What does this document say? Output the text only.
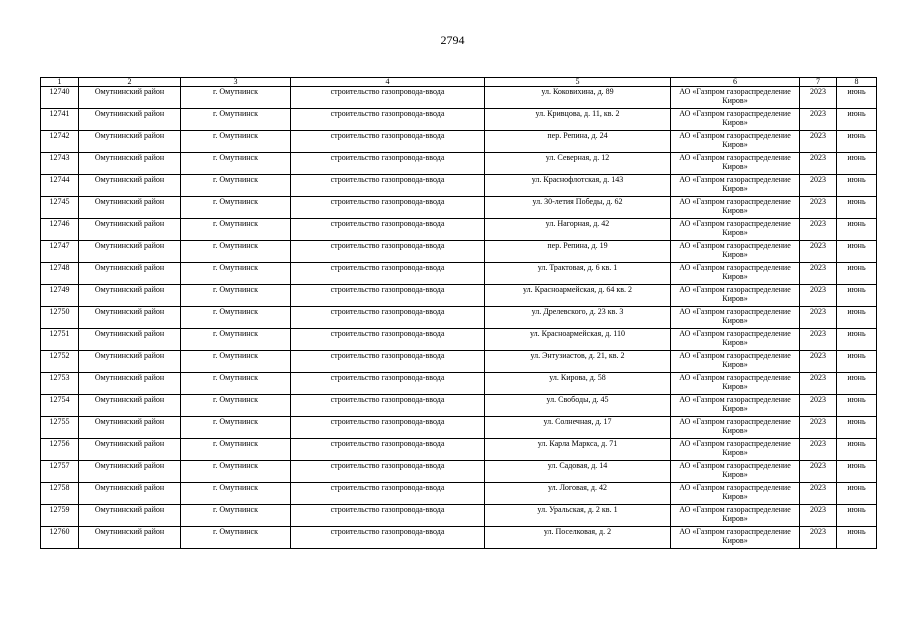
2794
1	2	3	4	5	6	7	8
12740	Омутнинский район	г. Омутнинск	строительство газопровода-ввода	ул. Коковихина, д. 89	АО «Газпром газораспределение Киров»	2023	июнь
12741	Омутнинский район	г. Омутнинск	строительство газопровода-ввода	ул. Кривцова, д. 11, кв. 2	АО «Газпром газораспределение Киров»	2023	июнь
12742	Омутнинский район	г. Омутнинск	строительство газопровода-ввода	пер. Репина, д. 24	АО «Газпром газораспределение Киров»	2023	июнь
12743	Омутнинский район	г. Омутнинск	строительство газопровода-ввода	ул. Северная, д. 12	АО «Газпром газораспределение Киров»	2023	июнь
12744	Омутнинский район	г. Омутнинск	строительство газопровода-ввода	ул. Краснофлотская, д. 143	АО «Газпром газораспределение Киров»	2023	июнь
12745	Омутнинский район	г. Омутнинск	строительство газопровода-ввода	ул. 30-летия Победы, д. 62	АО «Газпром газораспределение Киров»	2023	июнь
12746	Омутнинский район	г. Омутнинск	строительство газопровода-ввода	ул. Нагорная, д. 42	АО «Газпром газораспределение Киров»	2023	июнь
12747	Омутнинский район	г. Омутнинск	строительство газопровода-ввода	пер. Репина, д. 19	АО «Газпром газораспределение Киров»	2023	июнь
12748	Омутнинский район	г. Омутнинск	строительство газопровода-ввода	ул. Трактовая, д. 6 кв. 1	АО «Газпром газораспределение Киров»	2023	июнь
12749	Омутнинский район	г. Омутнинск	строительство газопровода-ввода	ул. Красноармейская, д. 64 кв. 2	АО «Газпром газораспределение Киров»	2023	июнь
12750	Омутнинский район	г. Омутнинск	строительство газопровода-ввода	ул. Дрелевского, д. 23 кв. 3	АО «Газпром газораспределение Киров»	2023	июнь
12751	Омутнинский район	г. Омутнинск	строительство газопровода-ввода	ул. Красноармейская, д. 110	АО «Газпром газораспределение Киров»	2023	июнь
12752	Омутнинский район	г. Омутнинск	строительство газопровода-ввода	ул. Энтузиастов, д. 21, кв. 2	АО «Газпром газораспределение Киров»	2023	июнь
12753	Омутнинский район	г. Омутнинск	строительство газопровода-ввода	ул. Кирова, д. 58	АО «Газпром газораспределение Киров»	2023	июнь
12754	Омутнинский район	г. Омутнинск	строительство газопровода-ввода	ул. Свободы, д. 45	АО «Газпром газораспределение Киров»	2023	июнь
12755	Омутнинский район	г. Омутнинск	строительство газопровода-ввода	ул. Солнечная, д. 17	АО «Газпром газораспределение Киров»	2023	июнь
12756	Омутнинский район	г. Омутнинск	строительство газопровода-ввода	ул. Карла Маркса, д. 71	АО «Газпром газораспределение Киров»	2023	июнь
12757	Омутнинский район	г. Омутнинск	строительство газопровода-ввода	ул. Садовая, д. 14	АО «Газпром газораспределение Киров»	2023	июнь
12758	Омутнинский район	г. Омутнинск	строительство газопровода-ввода	ул. Логовая, д. 42	АО «Газпром газораспределение Киров»	2023	июнь
12759	Омутнинский район	г. Омутнинск	строительство газопровода-ввода	ул. Уральская, д. 2 кв. 1	АО «Газпром газораспределение Киров»	2023	июнь
12760	Омутнинский район	г. Омутнинск	строительство газопровода-ввода	ул. Поселковая, д. 2	АО «Газпром газораспределение Киров»	2023	июнь
